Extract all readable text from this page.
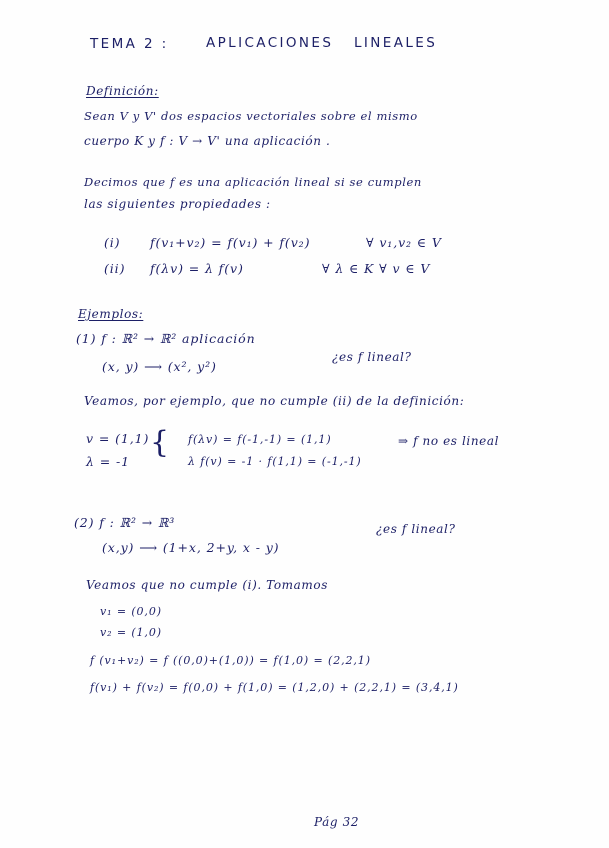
TEMA 2 :	APLICACIONES LINEALES
Definición:
Sean V y V' dos espacios vectoriales sobre el mismo
cuerpo K y f : V → V' una aplicación .
Decimos que f es una aplicación lineal si se cumplen
las siguientes propiedades :
(i) f(v₁+v₂) = f(v₁) + f(v₂)	∀ v₁,v₂ ∈ V
(ii) f(λv) = λ f(v)	∀ λ ∈ K ∀ v ∈ V
Ejemplos:
(1) f : ℝ² → ℝ² aplicación
(x, y) ⟶ (x², y²)
¿es f lineal?
Veamos, por ejemplo, que no cumple (ii) de la definición:
v = (1,1)
λ = -1
{ f(λv) = f(-1,-1) = (1,1)
λ f(v) = -1 · f(1,1) = (-1,-1)
⇒ f no es lineal
(2) f : ℝ² → ℝ³	¿es f lineal?
(x,y) ⟶ (1+x, 2+y, x - y)
Veamos que no cumple (i). Tomamos
v₁ = (0,0)
v₂ = (1,0)
f (v₁+v₂) = f ((0,0)+(1,0)) = f(1,0) = (2,2,1)
f(v₁) + f(v₂) = f(0,0) + f(1,0) = (1,2,0) + (2,2,1) = (3,4,1)
Pág 32
